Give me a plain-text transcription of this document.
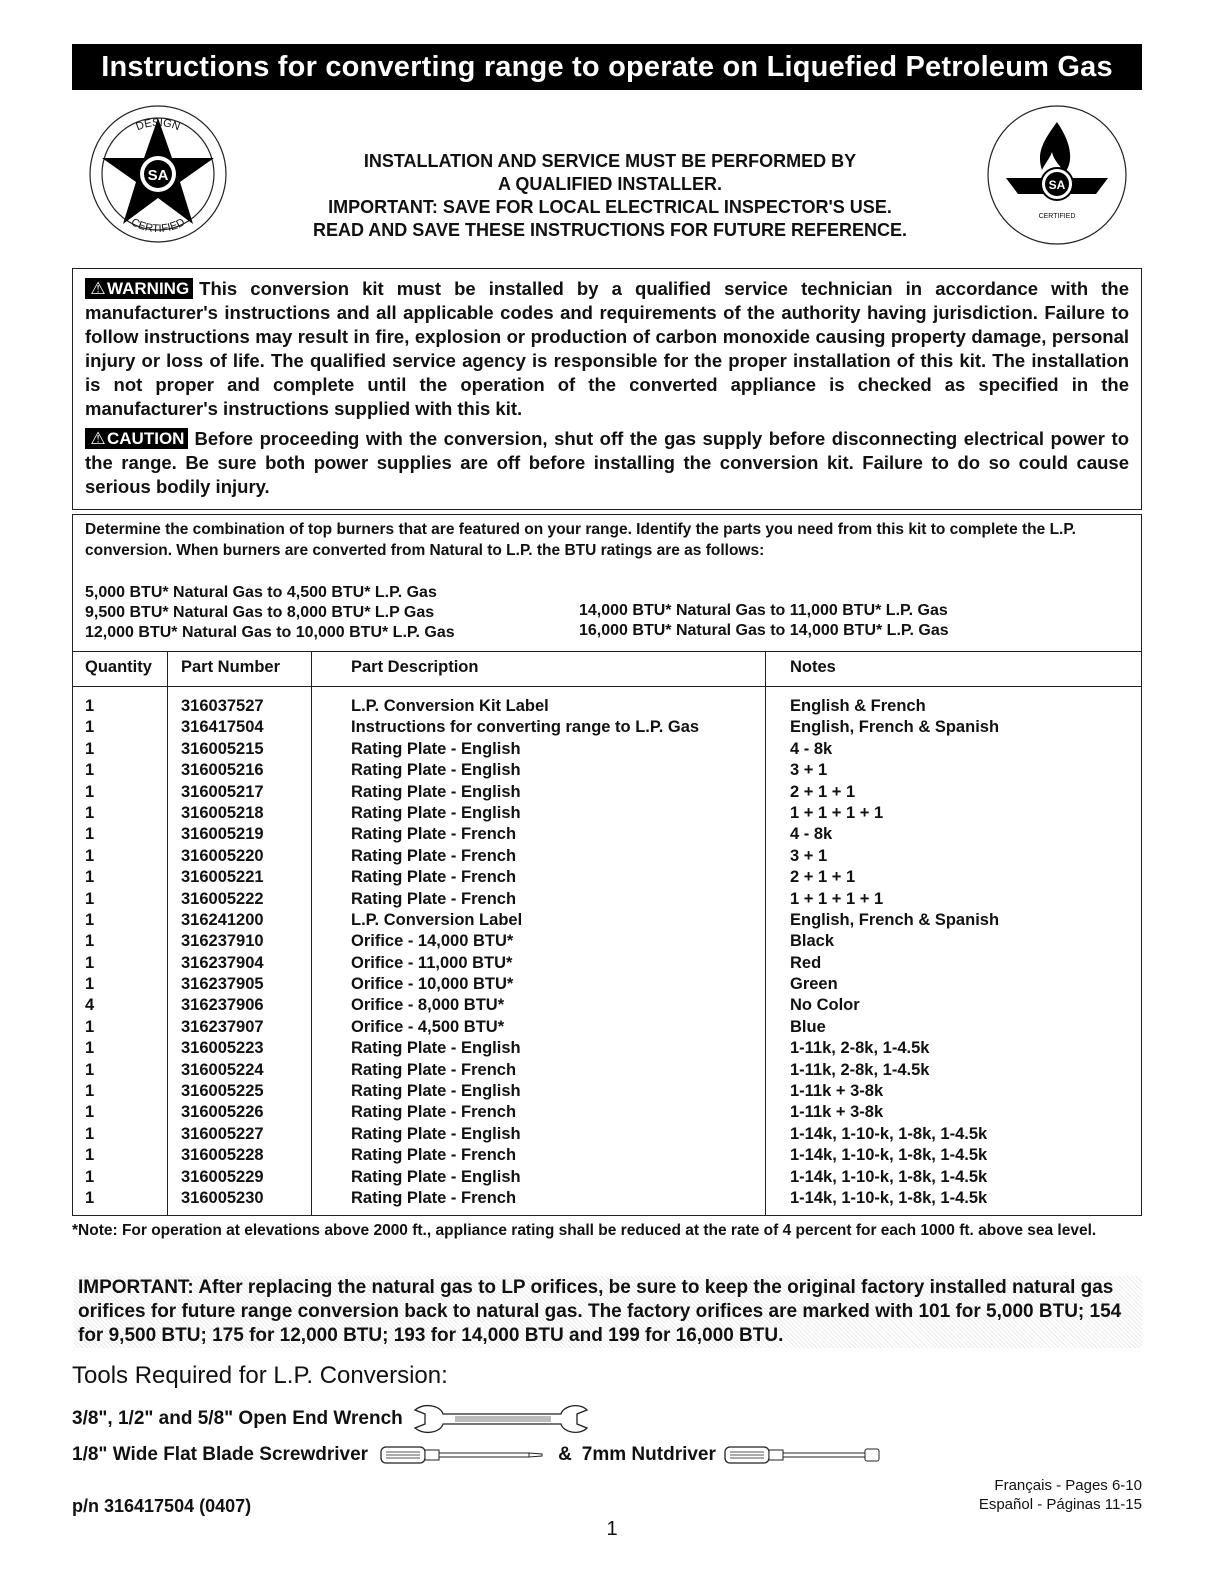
Instructions for converting range to operate on Liquefied Petroleum Gas
SA
DESIGN
CERTIFIED
INSTALLATION AND SERVICE MUST BE PERFORMED BY
A QUALIFIED INSTALLER.
IMPORTANT: SAVE FOR LOCAL ELECTRICAL INSPECTOR'S USE.
READ AND SAVE THESE INSTRUCTIONS FOR FUTURE REFERENCE.
SA
CERTIFIED

⚠WARNING This conversion kit must be installed by a qualified service technician in accordance with the manufacturer's instructions and all applicable codes and requirements of the authority having jurisdiction. Failure to follow instructions may result in fire, explosion or production of carbon monoxide causing property damage, personal injury or loss of life. The qualified service agency is responsible for the proper installation of this kit. The installation is not proper and complete until the operation of the converted appliance is checked as specified in the manufacturer's instructions supplied with this kit.

⚠CAUTION Before proceeding with the conversion, shut off the gas supply before disconnecting electrical power to the range. Be sure both power supplies are off before installing the conversion kit. Failure to do so could cause serious bodily injury.

Determine the combination of top burners that are featured on your range. Identify the parts you need from this kit to complete the L.P. conversion. When burners are converted from Natural to L.P. the BTU ratings are as follows:
5,000 BTU* Natural Gas to 4,500 BTU* L.P. Gas
9,500 BTU* Natural Gas to 8,000 BTU* L.P Gas
12,000 BTU* Natural Gas to 10,000 BTU* L.P. Gas
14,000 BTU* Natural Gas to 11,000 BTU* L.P. Gas
16,000 BTU* Natural Gas to 14,000 BTU* L.P. Gas
Quantity Part Number	Part Description	Notes
1	316037527	L.P. Conversion Kit Label	English & French
1	316417504	Instructions for converting range to L.P. Gas	English, French & Spanish
1	316005215	Rating Plate - English	4 - 8k
1	316005216	Rating Plate - English	3 + 1
1	316005217	Rating Plate - English	2 + 1 + 1
1	316005218	Rating Plate - English	1 + 1 + 1 + 1
1	316005219	Rating Plate - French	4 - 8k
1	316005220	Rating Plate - French	3 + 1
1	316005221	Rating Plate - French	2 + 1 + 1
1	316005222	Rating Plate - French	1 + 1 + 1 + 1
1	316241200	L.P. Conversion Label	English, French & Spanish
1	316237910	Orifice - 14,000 BTU*	Black
1	316237904	Orifice - 11,000 BTU*	Red
1	316237905	Orifice - 10,000 BTU*	Green
4	316237906	Orifice - 8,000 BTU*	No Color
1	316237907	Orifice - 4,500 BTU*	Blue
1	316005223	Rating Plate - English	1-11k, 2-8k, 1-4.5k
1	316005224	Rating Plate - French	1-11k, 2-8k, 1-4.5k
1	316005225	Rating Plate - English	1-11k + 3-8k
1	316005226	Rating Plate - French	1-11k + 3-8k
1	316005227	Rating Plate - English	1-14k, 1-10-k, 1-8k, 1-4.5k
1	316005228	Rating Plate - French	1-14k, 1-10-k, 1-8k, 1-4.5k
1	316005229	Rating Plate - English	1-14k, 1-10-k, 1-8k, 1-4.5k
1	316005230	Rating Plate - French	1-14k, 1-10-k, 1-8k, 1-4.5k
*Note: For operation at elevations above 2000 ft., appliance rating shall be reduced at the rate of 4 percent for each 1000 ft. above sea level.
IMPORTANT: After replacing the natural gas to LP orifices, be sure to keep the original factory installed natural gas orifices for future range conversion back to natural gas. The factory orifices are marked with 101 for 5,000 BTU; 154 for 9,500 BTU; 175 for 12,000 BTU; 193 for 14,000 BTU and 199 for 16,000 BTU.
Tools Required for L.P. Conversion:
3/8", 1/2" and 5/8" Open End Wrench
1/8" Wide Flat Blade Screwdriver	& 7mm Nutdriver
p/n 316417504 (0407)
Français - Pages 6-10
Español - Páginas 11-15
1
